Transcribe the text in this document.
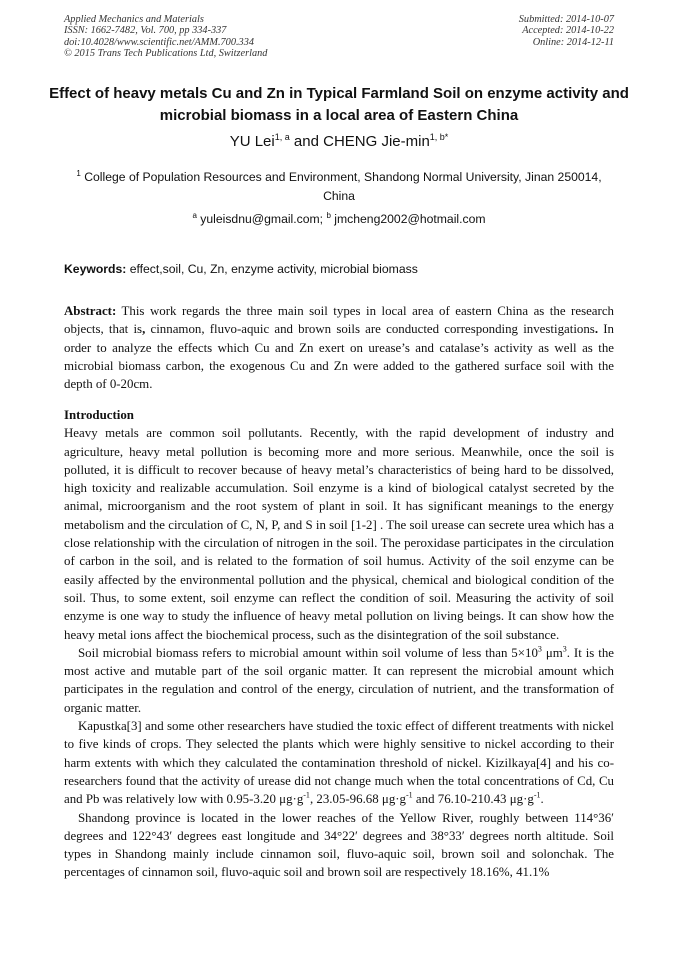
Applied Mechanics and Materials
ISSN: 1662-7482, Vol. 700, pp 334-337
doi:10.4028/www.scientific.net/AMM.700.334
© 2015 Trans Tech Publications Ltd, Switzerland
Submitted: 2014-10-07
Accepted: 2014-10-22
Online: 2014-12-11
Effect of heavy metals Cu and Zn in Typical Farmland Soil on enzyme activity and microbial biomass in a local area of Eastern China
YU Lei$^{1, a}$ and CHENG Jie-$\min^{1, b*}$
$^1$ College of Population Resources and Environment, Shandong Normal University, Jinan 250014, China
$^a$ yuleisdnu@gmail.com; $^b$ jmcheng2002@hotmail.com
Keywords: effect,soil, Cu, Zn, enzyme activity, microbial biomass

Abstract: This work regards the three main soil types in local area of eastern China as the research objects, that is, cinnamon, fluvo-aquic and brown soils are conducted corresponding investigations. In order to analyze the effects which Cu and Zn exert on urease’s and catalase’s activity as well as the microbial biomass carbon, the exogenous Cu and Zn were added to the gathered surface soil with the depth of 0-20cm.

Introduction

Heavy metals are common soil pollutants. Recently, with the rapid development of industry and agriculture, heavy metal pollution is becoming more and more serious. Meanwhile, once the soil is polluted, it is difficult to recover because of heavy metal’s characteristics of being hard to be dissolved, high toxicity and realizable accumulation. Soil enzyme is a kind of biological catalyst secreted by the animal, microorganism and the root system of plant in soil. It has significant meanings to the energy metabolism and the circulation of C, N, P, and S in soil [1-2] . The soil urease can secrete urea which has a close relationship with the circulation of nitrogen in the soil. The peroxidase participates in the circulation of carbon in the soil, and is related to the formation of soil humus. Activity of the soil enzyme can be easily affected by the environmental pollution and the physical, chemical and biological condition of the soil. Thus, to some extent, soil enzyme can reflect the condition of soil. Measuring the activity of soil enzyme is one way to study the influence of heavy metal pollution on living beings. It can show how the heavy metal ions affect the biochemical process, such as the disintegration of the soil substance.

Soil microbial biomass refers to microbial amount within soil volume of less than $5\times 10^3$ $\mu m^3$. It is the most active and mutable part of the soil organic matter. It can represent the microbial amount which participates in the regulation and control of the energy, circulation of nutrient, and the transformation of organic matter.

Kapustka[3] and some other researchers have studied the toxic effect of different treatments with nickel to five kinds of crops. They selected the plants which were highly sensitive to nickel according to their harm extents with which they calculated the contamination threshold of nickel. Kizilkaya[4] and his co-researchers found that the activity of urease did not change much when the total concentrations of Cd, Cu and Pb was relatively low with 0.95-3.20 $\mu g\cdot g^{-1}$, 23.05-96.68 $\mu g\cdot g^{-1}$ and 76.10-210.43 $\mu g\cdot g^{-1}$.

Shandong province is located in the lower reaches of the Yellow River, roughly between 114°36′ degrees and 122°43′ degrees east longitude and 34°22′ degrees and 38°33′ degrees north altitude. Soil types in Shandong mainly include cinnamon soil, fluvo-aquic soil, brown soil and solonchak. The percentages of cinnamon soil, fluvo-aquic soil and brown soil are respectively 18.16%, 41.1%
